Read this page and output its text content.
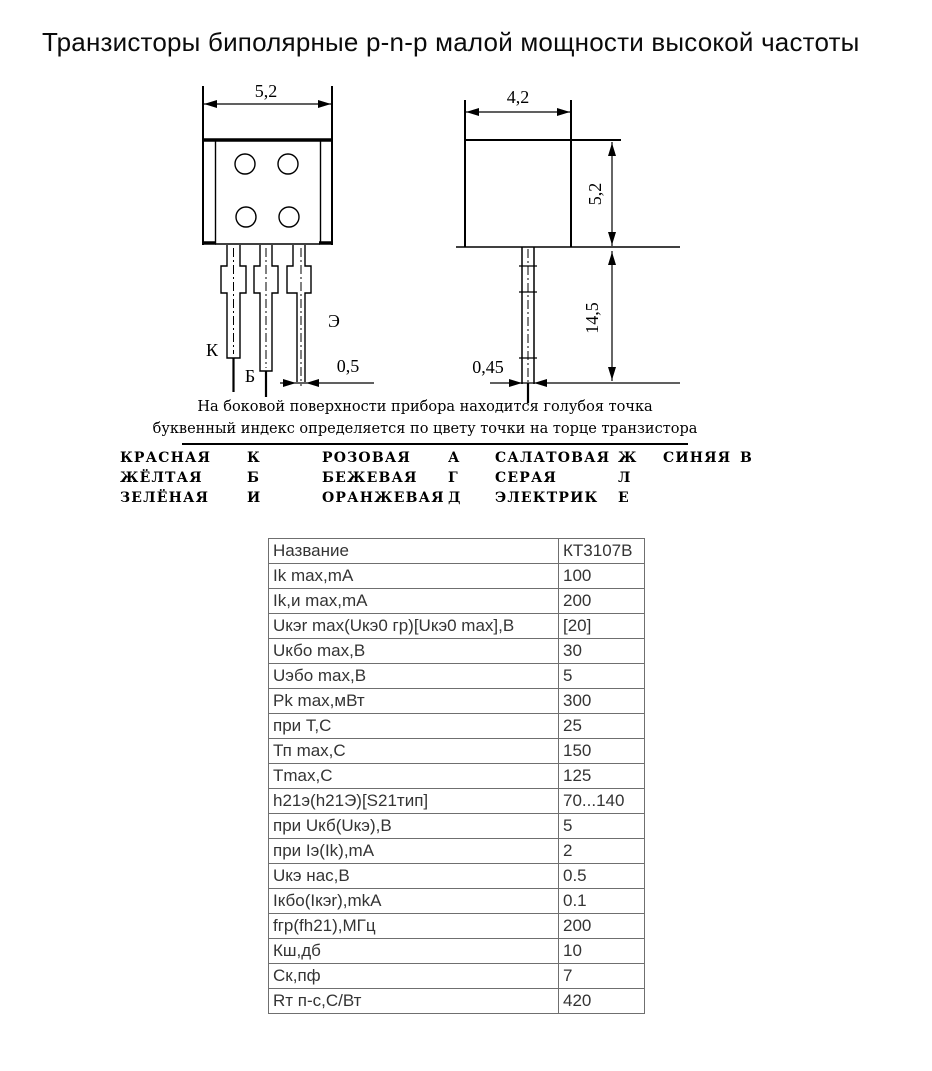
Транзисторы биполярные p-n-p малой мощности высокой частоты
5,2
К
Б
Э
0,5
4,2
5,2
14,5
0,45
На боковой поверхности прибора находится голубоя точка
буквенный индекс определяется по цвету точки на торце транзистора
КРАСНАЯ	К	РОЗОВАЯ	А САЛАТОВАЯ Ж СИНЯЯ В
ЖЁЛТАЯ	Б	БЕЖЕВАЯ Г	СЕРАЯ	Л
ЗЕЛЁНАЯ	И	ОРАНЖЕВАЯ Д ЭЛЕКТРИК Е
Название	КТ3107В
Ik max,mA	100
Ik,и max,mA	200
Uкэr max(Uкэ0 гр)[Uкэ0 max],В	[20]
Uкбо max,В	30
Uэбо max,В	5
Pk max,мВт	300
при Т,С	25
Тп max,С	150
Tmax,С	125
h21э(h21Э)[S21тип]	70...140
при Uкб(Uкэ),В	5
при Iэ(Ik),mA	2
Uкэ нас,В	0.5
Iкбо(Iкэr),mkA	0.1
fгр(fh21),МГц	200
Кш,дб	10
Ск,пф	7
Rт п-с,С/Вт	420
